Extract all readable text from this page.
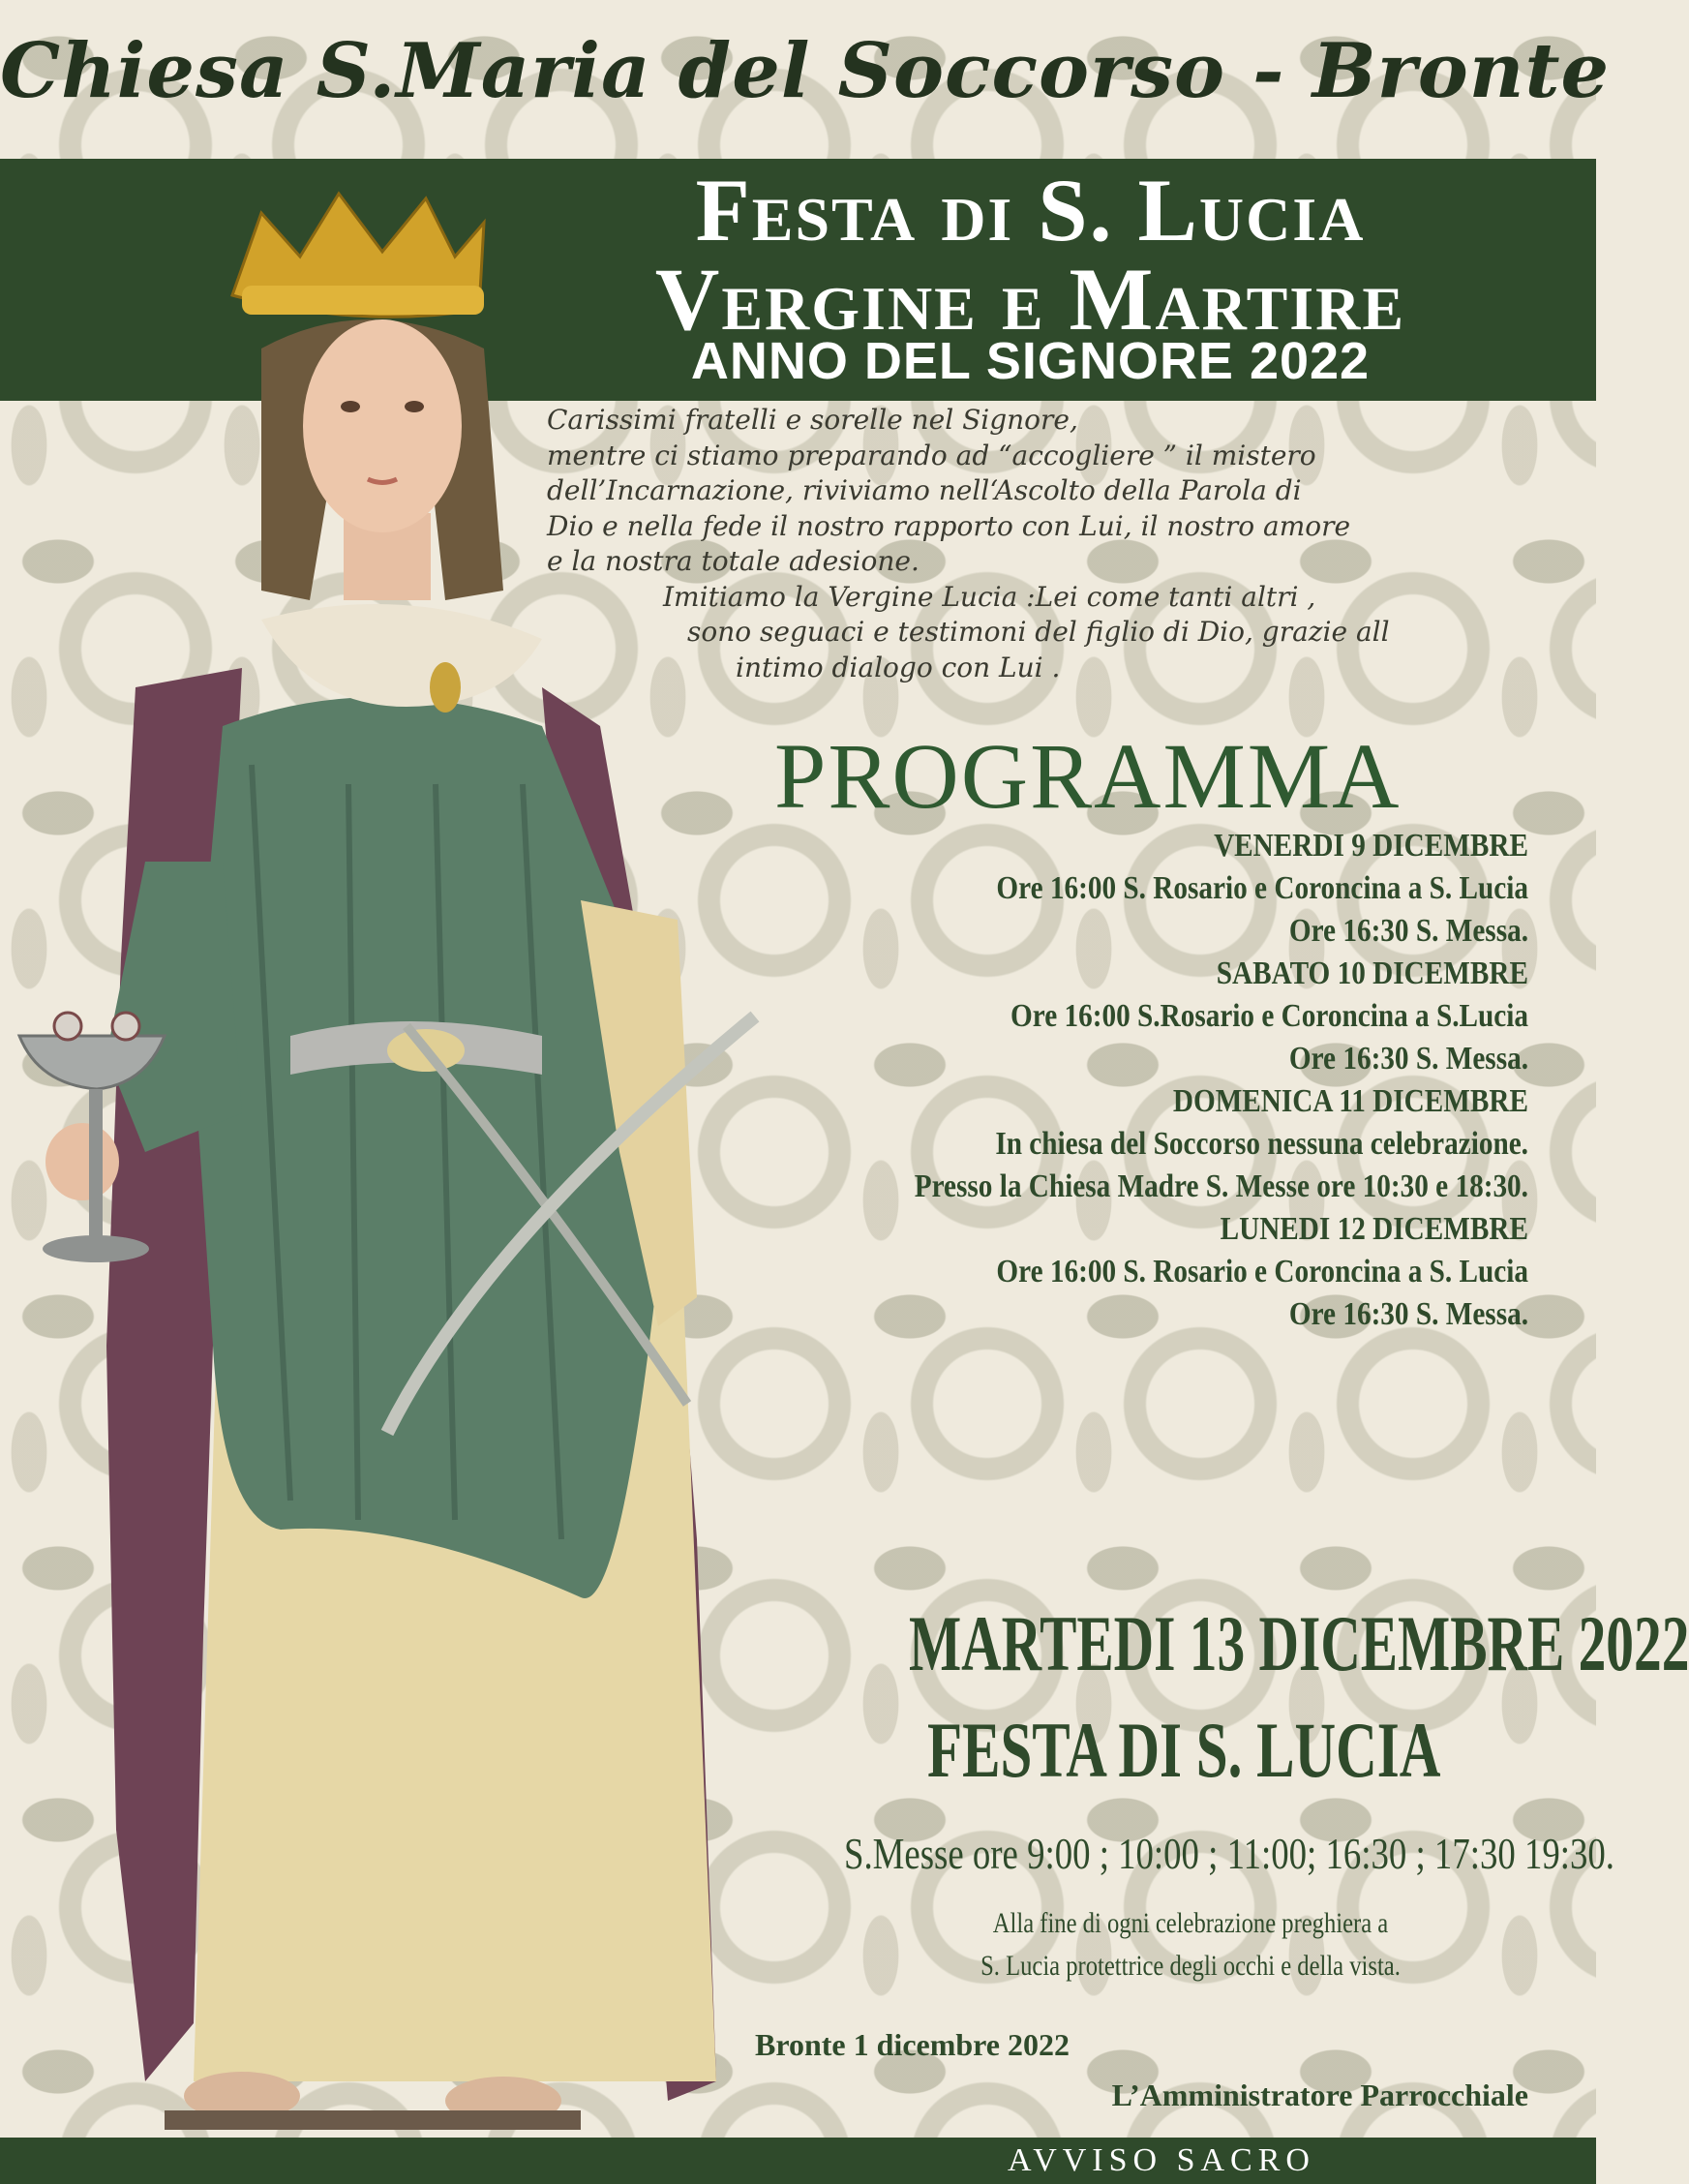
Chiesa S.Maria del Soccorso - Bronte

Festa di S. Lucia

Vergine e Martire

ANNO DEL SIGNORE 2022

Carissimi fratelli e sorelle nel Signore,

mentre ci stiamo preparando ad “accogliere ” il mistero

dell’Incarnazione, riviviamo nell‘Ascolto della Parola di

Dio e nella fede il nostro rapporto con Lui, il nostro amore

e la nostra totale adesione.

Imitiamo la Vergine Lucia :Lei come tanti altri ,

sono seguaci e testimoni del figlio di Dio, grazie all

intimo dialogo con Lui .

PROGRAMMA

VENERDI 9 DICEMBRE
Ore 16:00 S. Rosario e Coroncina a S. Lucia
Ore 16:30 S. Messa.
SABATO 10 DICEMBRE
Ore 16:00 S.Rosario e Coroncina a S.Lucia
Ore 16:30 S. Messa.
DOMENICA 11 DICEMBRE
In chiesa del Soccorso nessuna celebrazione.
Presso la Chiesa Madre S. Messe ore 10:30 e 18:30.
LUNEDI 12 DICEMBRE
Ore 16:00 S. Rosario e Coroncina a S. Lucia
Ore 16:30 S. Messa.
MARTEDI 13 DICEMBRE 2022
FESTA DI S. LUCIA
S.Messe ore 9:00 ; 10:00 ; 11:00; 16:30 ; 17:30 19:30.

Alla fine di ogni celebrazione preghiera a

S. Lucia protettrice degli occhi e della vista.

Bronte 1 dicembre 2022

L’Amministratore Parrocchiale

AVVISO SACRO
